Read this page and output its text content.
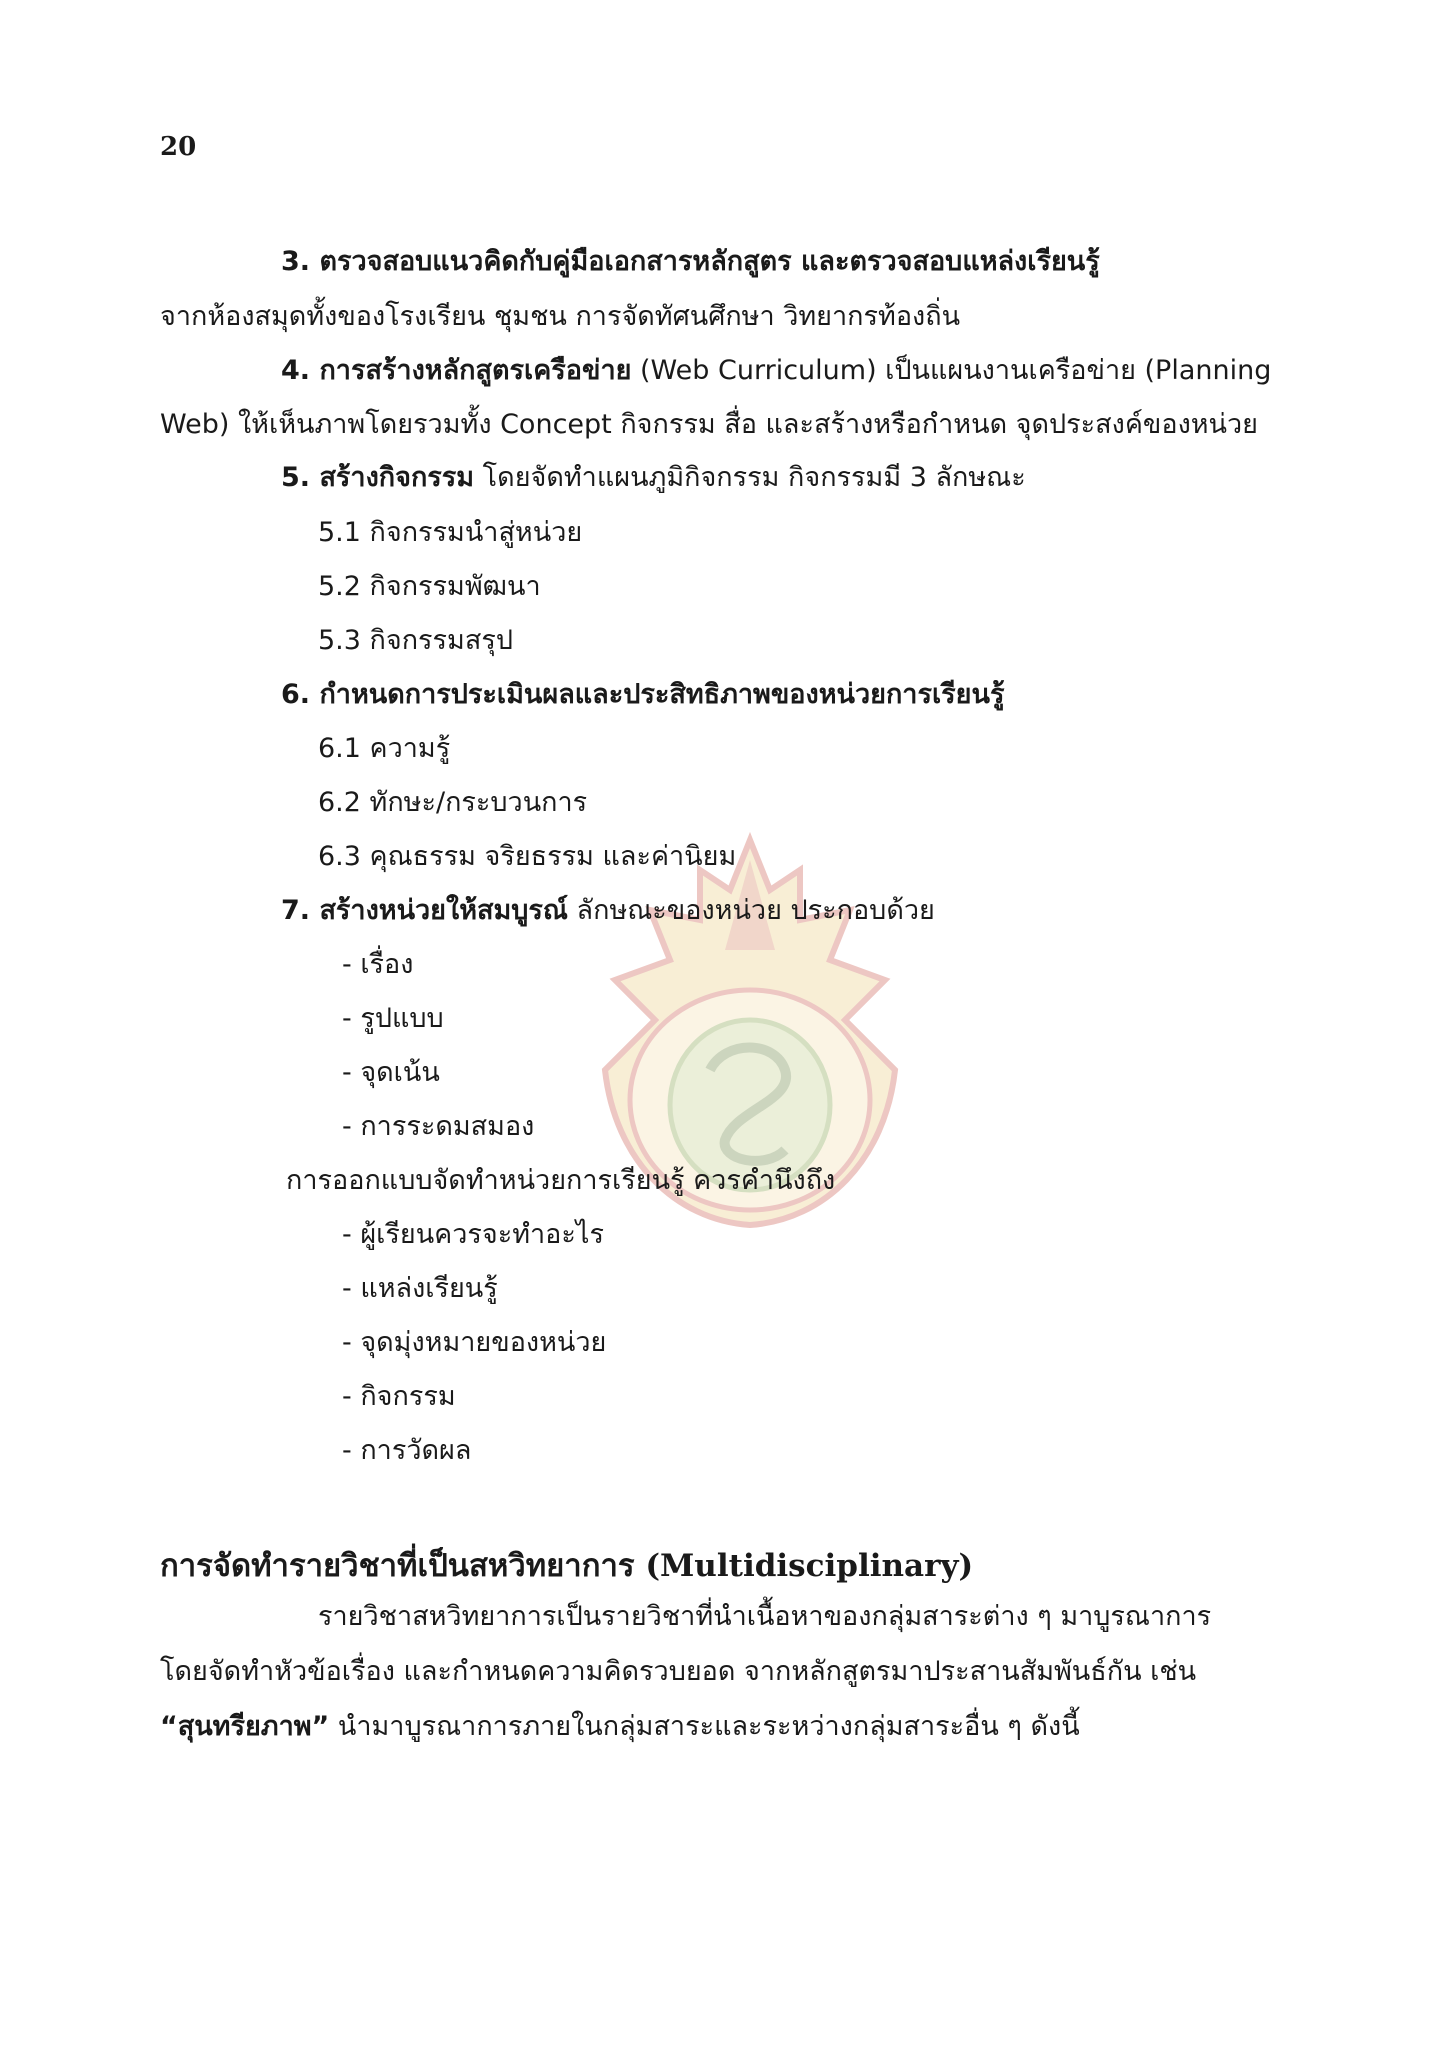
20
3. ตรวจสอบแนวคิดกับคู่มือเอกสารหลักสูตร และตรวจสอบแหล่งเรียนรู้
จากห้องสมุดทั้งของโรงเรียน ชุมชน การจัดทัศนศึกษา วิทยากรท้องถิ่น
4. การสร้างหลักสูตรเครือข่าย (Web Curriculum) เป็นแผนงานเครือข่าย (Planning
Web) ให้เห็นภาพโดยรวมทั้ง Concept กิจกรรม สื่อ และสร้างหรือกำหนด จุดประสงค์ของหน่วย
5. สร้างกิจกรรม โดยจัดทำแผนภูมิกิจกรรม กิจกรรมมี 3 ลักษณะ
5.1 กิจกรรมนำสู่หน่วย
5.2 กิจกรรมพัฒนา
5.3 กิจกรรมสรุป
6. กำหนดการประเมินผลและประสิทธิภาพของหน่วยการเรียนรู้
6.1 ความรู้
6.2 ทักษะ/กระบวนการ
6.3 คุณธรรม จริยธรรม และค่านิยม
7. สร้างหน่วยให้สมบูรณ์ ลักษณะของหน่วย ประกอบด้วย
- เรื่อง
- รูปแบบ
- จุดเน้น
- การระดมสมอง
การออกแบบจัดทำหน่วยการเรียนรู้ ควรคำนึงถึง
- ผู้เรียนควรจะทำอะไร
- แหล่งเรียนรู้
- จุดมุ่งหมายของหน่วย
- กิจกรรม
- การวัดผล
การจัดทำรายวิชาที่เป็นสหวิทยาการ (Multidisciplinary)
รายวิชาสหวิทยาการเป็นรายวิชาที่นำเนื้อหาของกลุ่มสาระต่าง ๆ มาบูรณาการ
โดยจัดทำหัวข้อเรื่อง และกำหนดความคิดรวบยอด จากหลักสูตรมาประสานสัมพันธ์กัน เช่น
“สุนทรียภาพ” นำมาบูรณาการภายในกลุ่มสาระและระหว่างกลุ่มสาระอื่น ๆ ดังนี้
